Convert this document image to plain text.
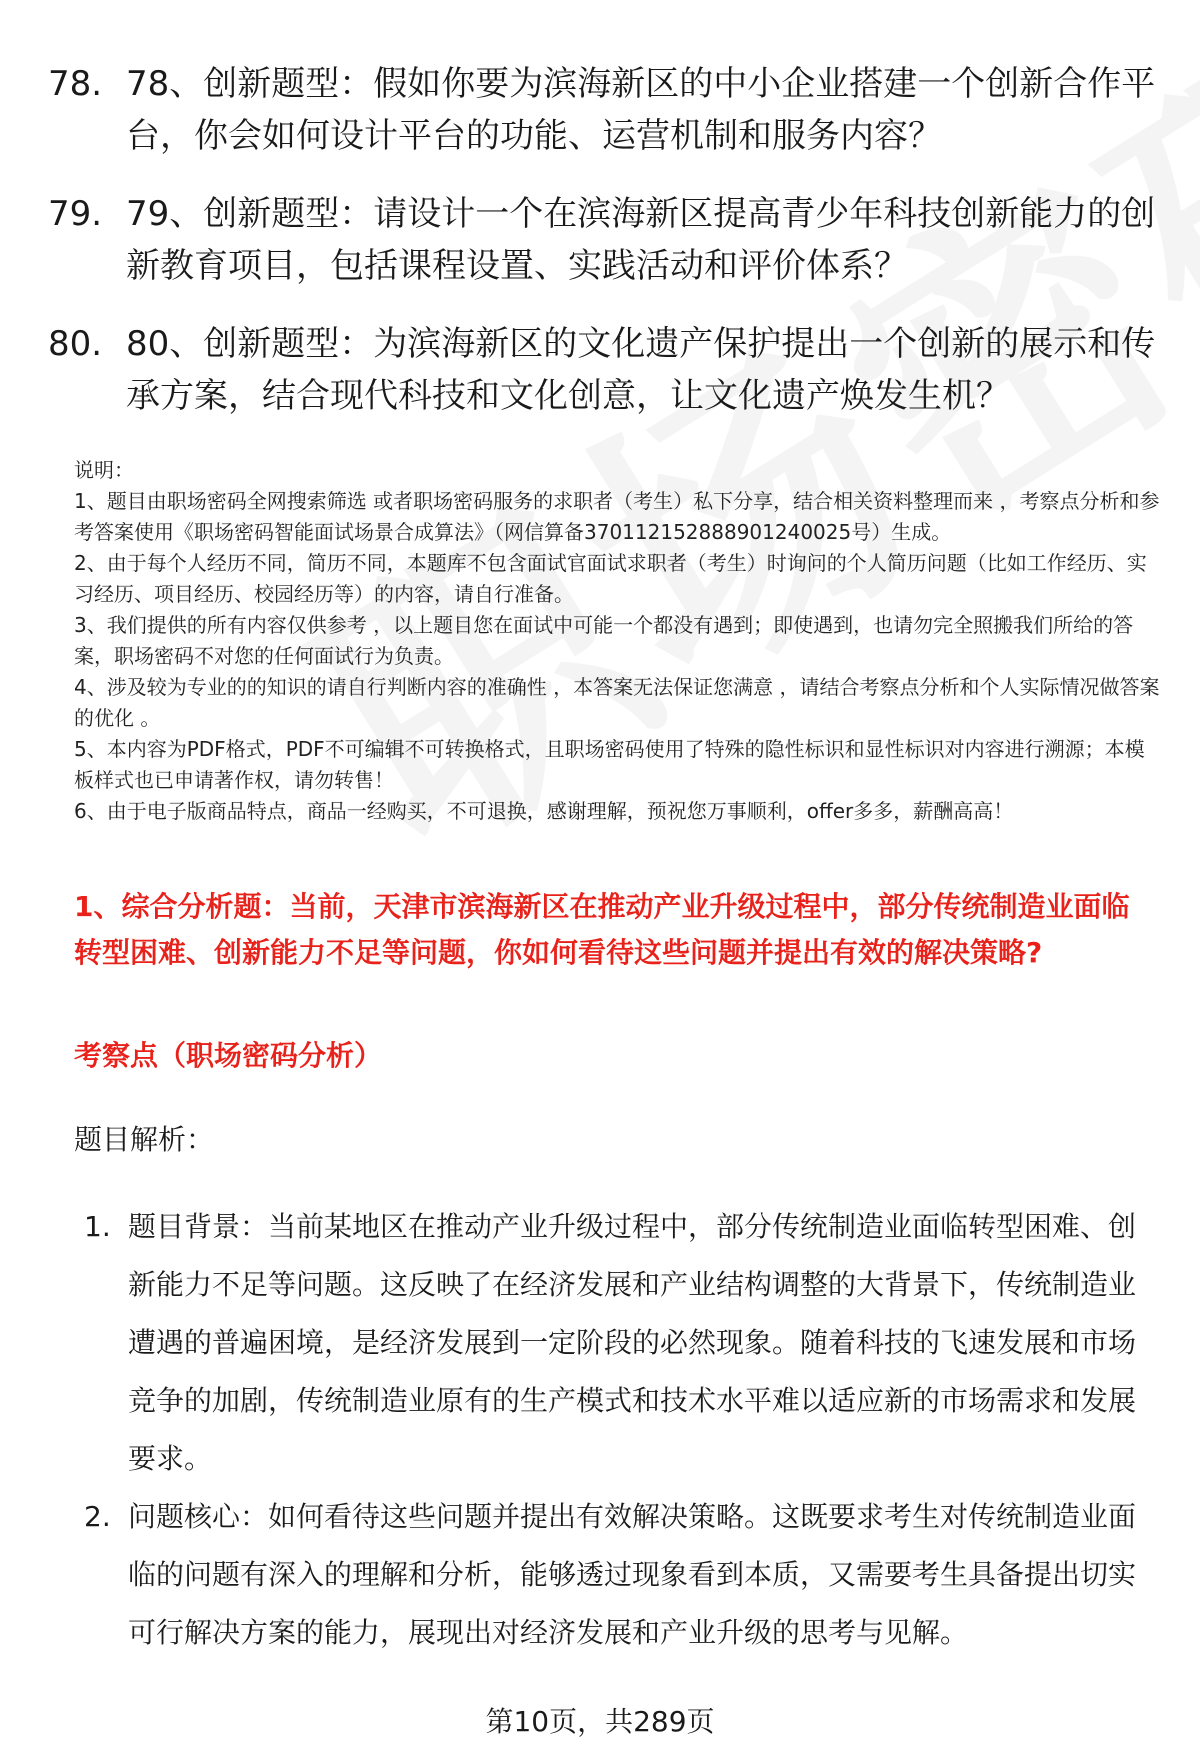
78. 78、创新题型：假如你要为滨海新区的中小企业搭建一个创新合作平台，你会如何设计平台的功能、运营机制和服务内容？
79. 79、创新题型：请设计一个在滨海新区提高青少年科技创新能力的创新教育项目，包括课程设置、实践活动和评价体系？
80. 80、创新题型：为滨海新区的文化遗产保护提出一个创新的展示和传承方案，结合现代科技和文化创意，让文化遗产焕发生机？

说明：

1、题目由职场密码全网搜索筛选 或者职场密码服务的求职者（考生）私下分享，结合相关资料整理而来 ，考察点分析和参考答案使用《职场密码智能面试场景合成算法》（网信算备370112152888901240025号）生成。

2、由于每个人经历不同，简历不同，本题库不包含面试官面试求职者（考生）时询问的个人简历问题（比如工作经历、实习经历、项目经历、校园经历等）的内容，请自行准备。

3、我们提供的所有内容仅供参考 ，以上题目您在面试中可能一个都没有遇到；即使遇到，也请勿完全照搬我们所给的答案，职场密码不对您的任何面试行为负责。

4、涉及较为专业的的知识的请自行判断内容的准确性 ，本答案无法保证您满意 ，请结合考察点分析和个人实际情况做答案的优化 。

5、本内容为PDF格式，PDF不可编辑不可转换格式，且职场密码使用了特殊的隐性标识和显性标识对内容进行溯源；本模板样式也已申请著作权，请勿转售！

6、由于电子版商品特点，商品一经购买，不可退换，感谢理解，预祝您万事顺利，offer多多，薪酬高高！

1、综合分析题：当前，天津市滨海新区在推动产业升级过程中，部分传统制造业面临转型困难、创新能力不足等问题，你如何看待这些问题并提出有效的解决策略?
考察点（职场密码分析）
题目解析：
1. 题目背景：当前某地区在推动产业升级过程中，部分传统制造业面临转型困难、创新能力不足等问题。这反映了在经济发展和产业结构调整的大背景下，传统制造业遭遇的普遍困境，是经济发展到一定阶段的必然现象。随着科技的飞速发展和市场竞争的加剧，传统制造业原有的生产模式和技术水平难以适应新的市场需求和发展要求。
2. 问题核心：如何看待这些问题并提出有效解决策略。这既要求考生对传统制造业面临的问题有深入的理解和分析，能够透过现象看到本质，又需要考生具备提出切实可行解决方案的能力，展现出对经济发展和产业升级的思考与见解。
第10页，共289页
